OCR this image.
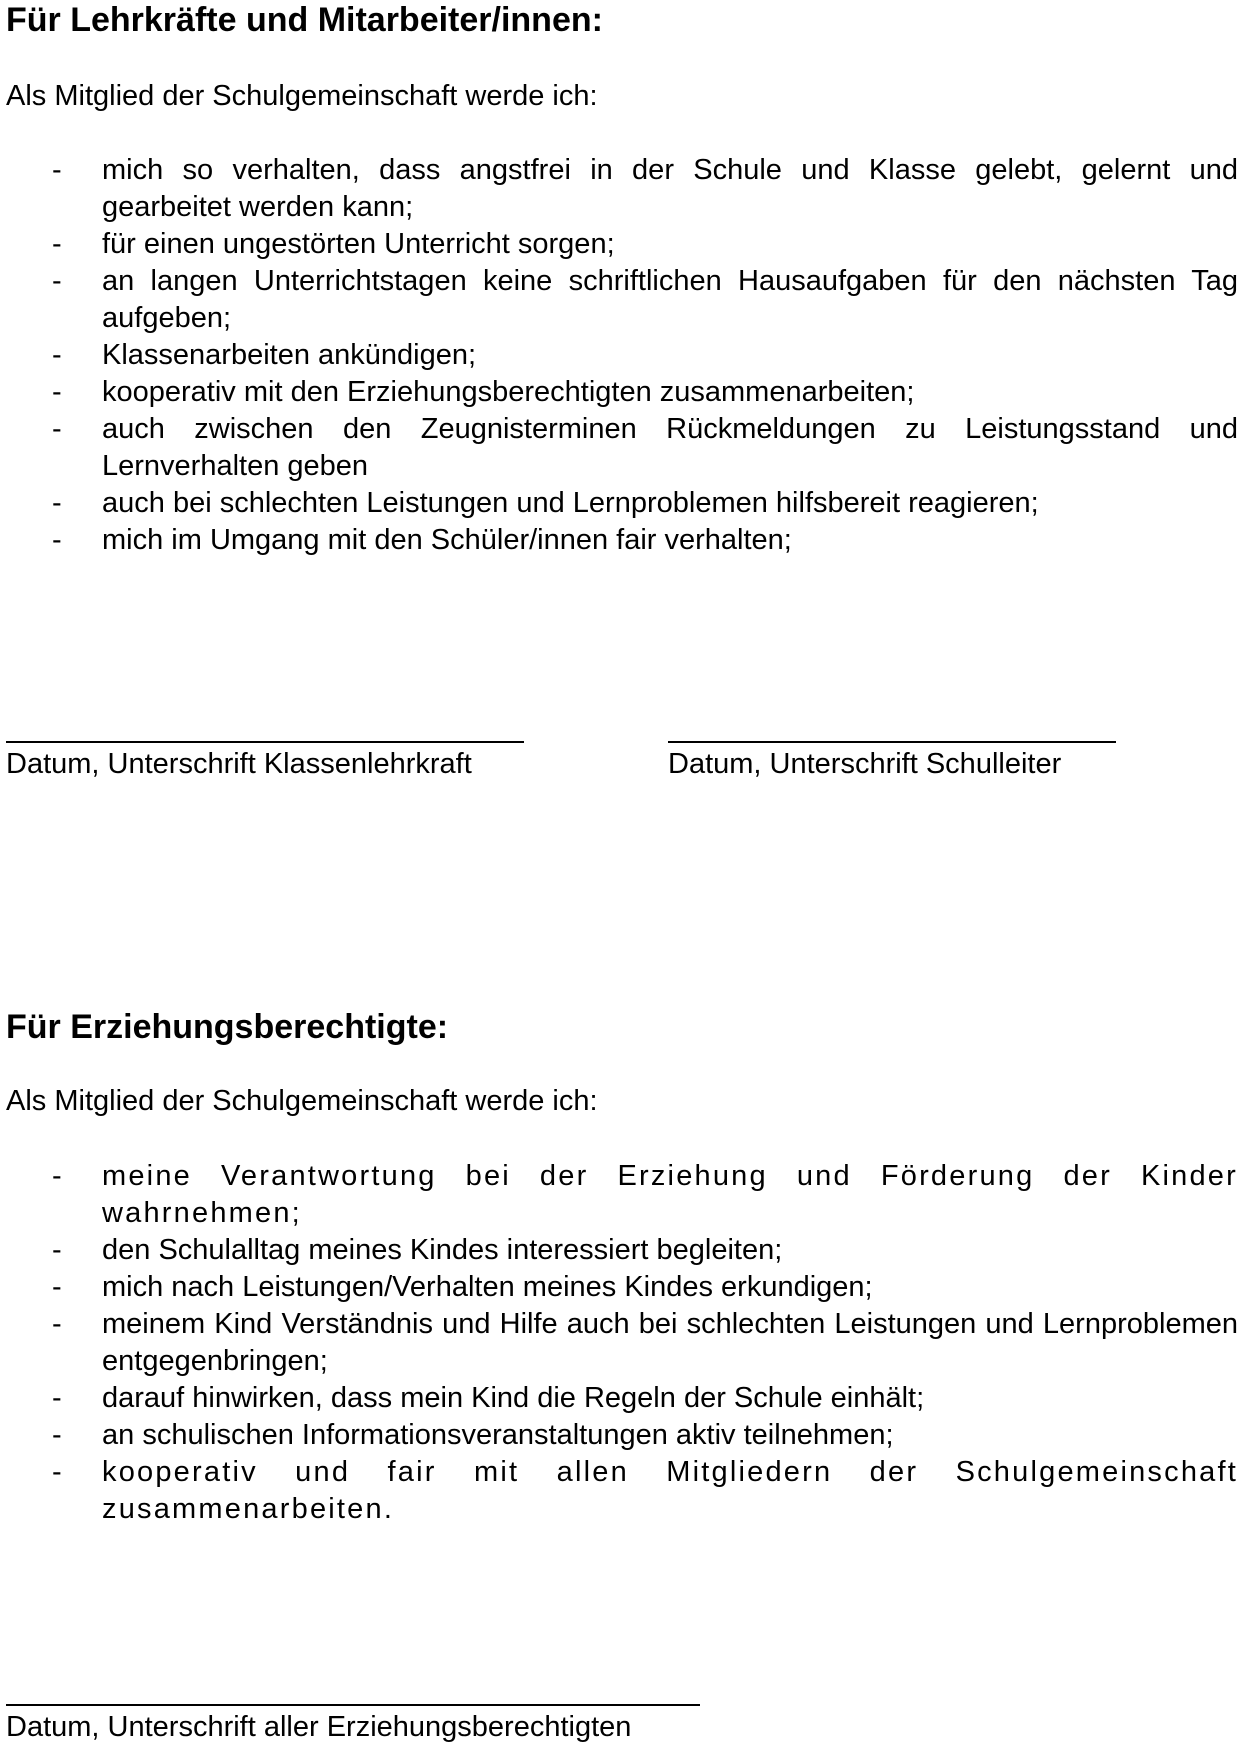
Für Lehrkräfte und Mitarbeiter/innen:
Als Mitglied der Schulgemeinschaft werde ich:
- mich so verhalten, dass angstfrei in der Schule und Klasse gelebt, gelernt und gearbeitet werden kann;
- für einen ungestörten Unterricht sorgen;
- an langen Unterrichtstagen keine schriftlichen Hausaufgaben für den nächsten Tag aufgeben;
- Klassenarbeiten ankündigen;
- kooperativ mit den Erziehungsberechtigten zusammenarbeiten;
- auch zwischen den Zeugnisterminen Rückmeldungen zu Leistungsstand und Lernverhalten geben
- auch bei schlechten Leistungen und Lernproblemen hilfsbereit reagieren;
- mich im Umgang mit den Schüler/innen fair verhalten;
Datum, Unterschrift Klassenlehrkraft	Datum, Unterschrift Schulleiter
Für Erziehungsberechtigte:
Als Mitglied der Schulgemeinschaft werde ich:
- meine Verantwortung bei der Erziehung und Förderung der Kinder wahrnehmen;
- den Schulalltag meines Kindes interessiert begleiten;
- mich nach Leistungen/Verhalten meines Kindes erkundigen;
- meinem Kind Verständnis und Hilfe auch bei schlechten Leistungen und Lernproblemen entgegenbringen;
- darauf hinwirken, dass mein Kind die Regeln der Schule einhält;
- an schulischen Informationsveranstaltungen aktiv teilnehmen;
- kooperativ und fair mit allen Mitgliedern der Schulgemeinschaft zusammenarbeiten.
Datum, Unterschrift aller Erziehungsberechtigten
